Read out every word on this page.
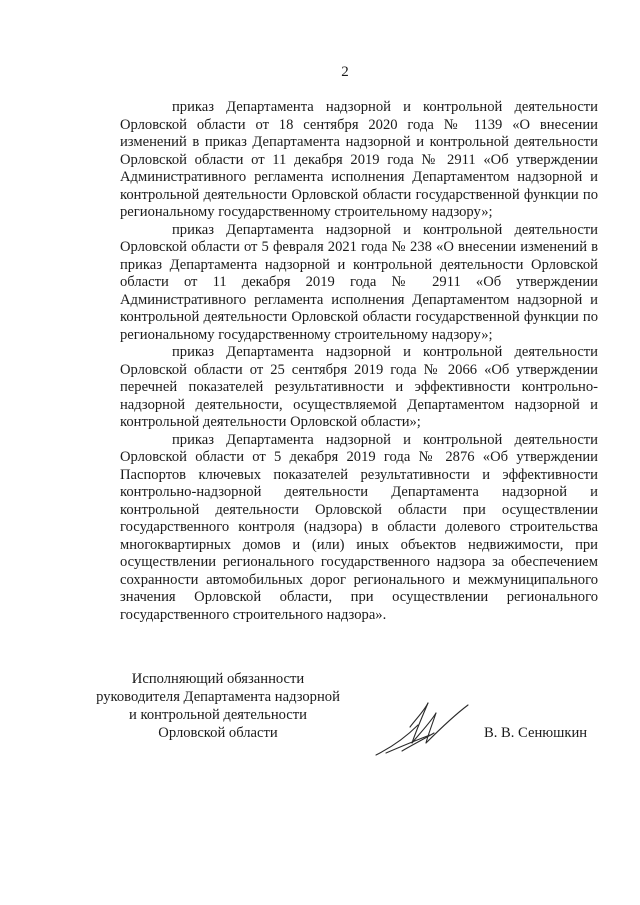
2

приказ Департамента надзорной и контрольной деятельности Орловской области от 18 сентября 2020 года № 1139 «О внесении изменений в приказ Департамента надзорной и контрольной деятельности Орловской области от 11 декабря 2019 года № 2911 «Об утверждении Административного регламента исполнения Департаментом надзорной и контрольной деятельности Орловской области государственной функции по региональному государственному строительному надзору»;

приказ Департамента надзорной и контрольной деятельности Орловской области от 5 февраля 2021 года № 238 «О внесении изменений в приказ Департамента надзорной и контрольной деятельности Орловской области от 11 декабря 2019 года № 2911 «Об утверждении Административного регламента исполнения Департаментом надзорной и контрольной деятельности Орловской области государственной функции по региональному государственному строительному надзору»;

приказ Департамента надзорной и контрольной деятельности Орловской области от 25 сентября 2019 года № 2066 «Об утверждении перечней показателей результативности и эффективности контрольно-надзорной деятельности, осуществляемой Департаментом надзорной и контрольной деятельности Орловской области»;

приказ Департамента надзорной и контрольной деятельности Орловской области от 5 декабря 2019 года № 2876 «Об утверждении Паспортов ключевых показателей результативности и эффективности контрольно-надзорной деятельности Департамента надзорной и контрольной деятельности Орловской области при осуществлении государственного контроля (надзора) в области долевого строительства многоквартирных домов и (или) иных объектов недвижимости, при осуществлении регионального государственного надзора за обеспечением сохранности автомобильных дорог регионального и межмуниципального значения Орловской области, при осуществлении регионального государственного строительного надзора».

Исполняющий обязанности
руководителя Департамента надзорной
и контрольной деятельности
Орловской области	В. В. Сенюшкин
